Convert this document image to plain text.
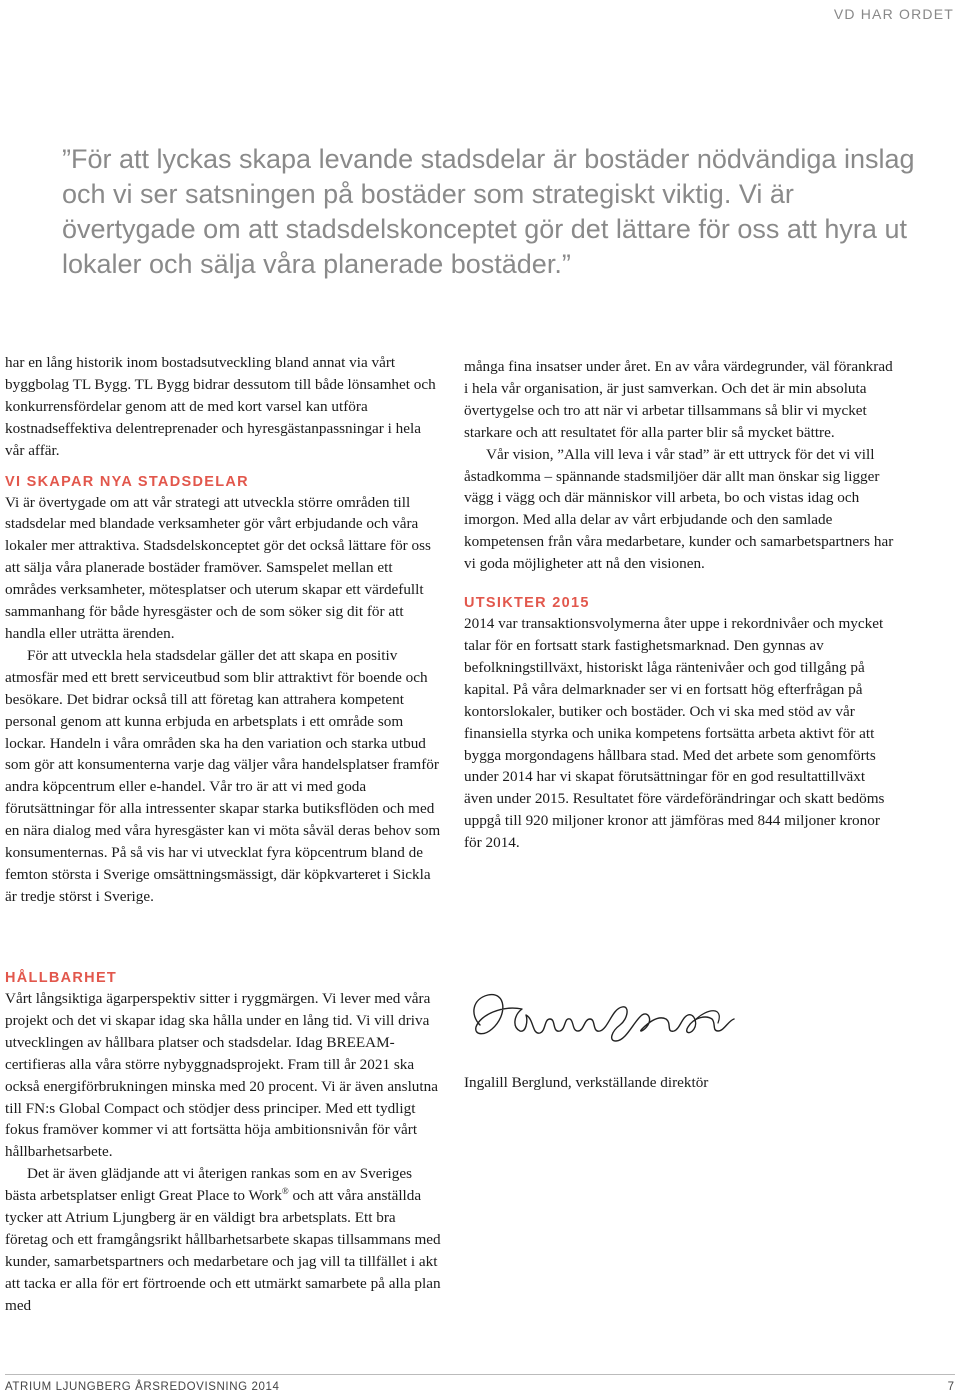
VD HAR ORDET

”För att lyckas skapa levande stadsdelar är bostäder nödvändiga inslag och vi ser satsningen på bostäder som strategiskt viktig. Vi är övertygade om att stadsdelskonceptet gör det lättare för oss att hyra ut lokaler och sälja våra planerade bostäder.”

har en lång historik inom bostadsutveckling bland annat via vårt byggbolag TL Bygg. TL Bygg bidrar dessutom till både lönsamhet och konkurrensfördelar genom att de med kort varsel kan utföra kostnadseffektiva delentreprenader och hyresgästanpassningar i hela vår affär.

VI SKAPAR NYA STADSDELAR

Vi är övertygade om att vår strategi att utveckla större områden till stadsdelar med blandade verksamheter gör vårt erbjudande och våra lokaler mer attraktiva. Stadsdelskonceptet gör det också lättare för oss att sälja våra planerade bostäder framöver. Samspelet mellan ett områdes verksamheter, mötesplatser och uterum skapar ett värdefullt sammanhang för både hyresgäster och de som söker sig dit för att handla eller uträtta ärenden.

För att utveckla hela stadsdelar gäller det att skapa en positiv atmosfär med ett brett serviceutbud som blir attraktivt för boende och besökare. Det bidrar också till att företag kan attrahera kompetent personal genom att kunna erbjuda en arbetsplats i ett område som lockar. Handeln i våra områden ska ha den variation och starka utbud som gör att konsumenterna varje dag väljer våra handelsplatser framför andra köpcentrum eller e-handel. Vår tro är att vi med goda förutsättningar för alla intressenter skapar starka butiksflöden och med en nära dialog med våra hyresgäster kan vi möta såväl deras behov som konsumenternas. På så vis har vi utvecklat fyra köpcentrum bland de femton största i Sverige omsättningsmässigt, där köpkvarteret i Sickla är tredje störst i Sverige.

HÅLLBARHET

Vårt långsiktiga ägarperspektiv sitter i ryggmärgen. Vi lever med våra projekt och det vi skapar idag ska hålla under en lång tid. Vi vill driva utvecklingen av hållbara platser och stadsdelar. Idag BREEAM-certifieras alla våra större nybyggnadsprojekt. Fram till år 2021 ska också energiförbrukningen minska med 20 procent. Vi är även anslutna till FN:s Global Compact och stödjer dess principer. Med ett tydligt fokus framöver kommer vi att fortsätta höja ambitionsnivån för vårt hållbarhetsarbete.

Det är även glädjande att vi återigen rankas som en av Sveriges bästa arbetsplatser enligt Great Place to Work® och att våra anställda tycker att Atrium Ljungberg är en väldigt bra arbetsplats. Ett bra företag och ett framgångsrikt hållbarhetsarbete skapas tillsammans med kunder, samarbetspartners och medarbetare och jag vill ta tillfället i akt att tacka er alla för ert förtroende och ett utmärkt samarbete på alla plan med

många fina insatser under året. En av våra värdegrunder, väl förankrad i hela vår organisation, är just samverkan. Och det är min absoluta övertygelse och tro att när vi arbetar tillsammans så blir vi mycket starkare och att resultatet för alla parter blir så mycket bättre.

Vår vision, ”Alla vill leva i vår stad” är ett uttryck för det vi vill åstadkomma – spännande stadsmiljöer där allt man önskar sig ligger vägg i vägg och där människor vill arbeta, bo och vistas idag och imorgon. Med alla delar av vårt erbjudande och den samlade kompetensen från våra medarbetare, kunder och samarbetspartners har vi goda möjligheter att nå den visionen.

UTSIKTER 2015

2014 var transaktionsvolymerna åter uppe i rekordnivåer och mycket talar för en fortsatt stark fastighetsmarknad. Den gynnas av befolkningstillväxt, historiskt låga räntenivåer och god tillgång på kapital. På våra delmarknader ser vi en fortsatt hög efterfrågan på kontorslokaler, butiker och bostäder. Och vi ska med stöd av vår finansiella styrka och unika kompetens fortsätta arbeta aktivt för att bygga morgondagens hållbara stad. Med det arbete som genomförts under 2014 har vi skapat förutsättningar för en god resultattillväxt även under 2015. Resultatet före värdeförändringar och skatt bedöms uppgå till 920 miljoner kronor att jämföras med 844 miljoner kronor för 2014.

Ingalill Berglund, verkställande direktör
ATRIUM LJUNGBERG ÅRSREDOVISNING 2014	7
